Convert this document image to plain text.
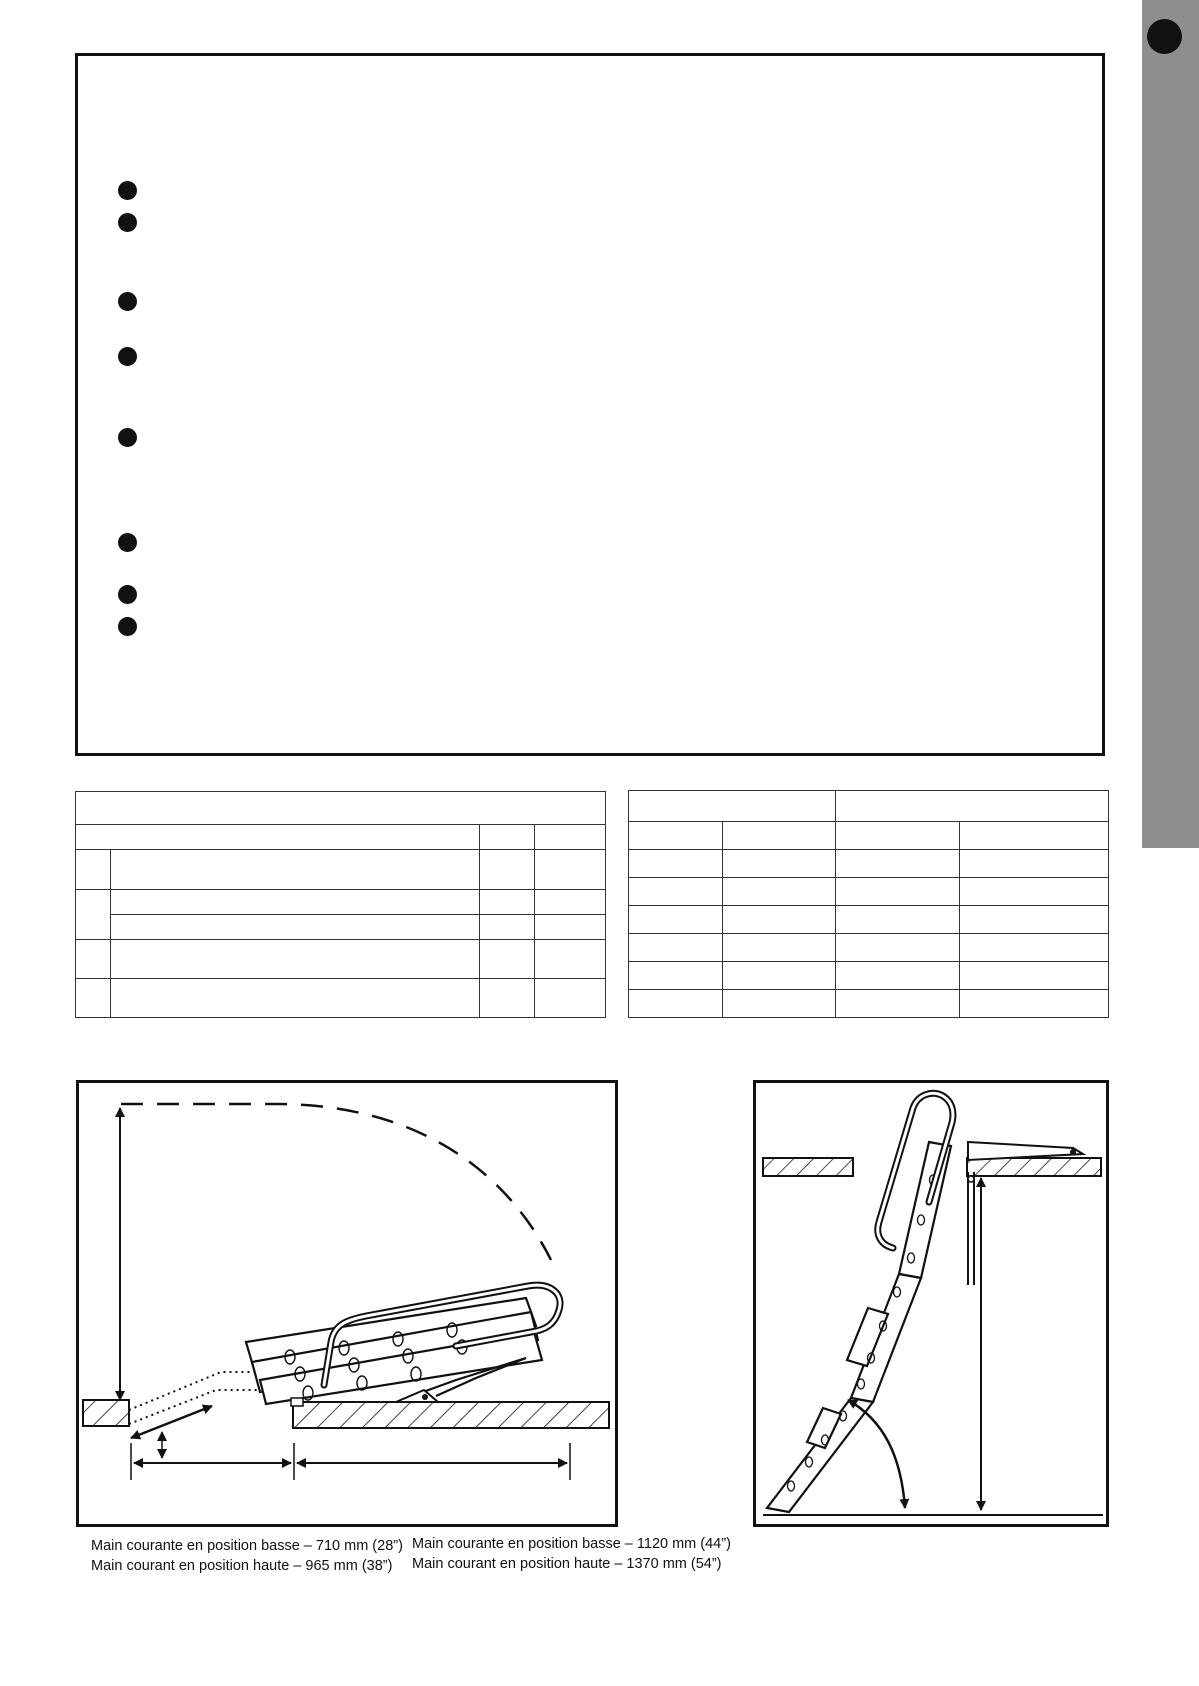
Main courante en position basse – 710 mm (28”)
Main courant en position haute – 965 mm (38”)
Main courante en position basse – 1120 mm (44”)
Main courant en position haute – 1370 mm (54”)
